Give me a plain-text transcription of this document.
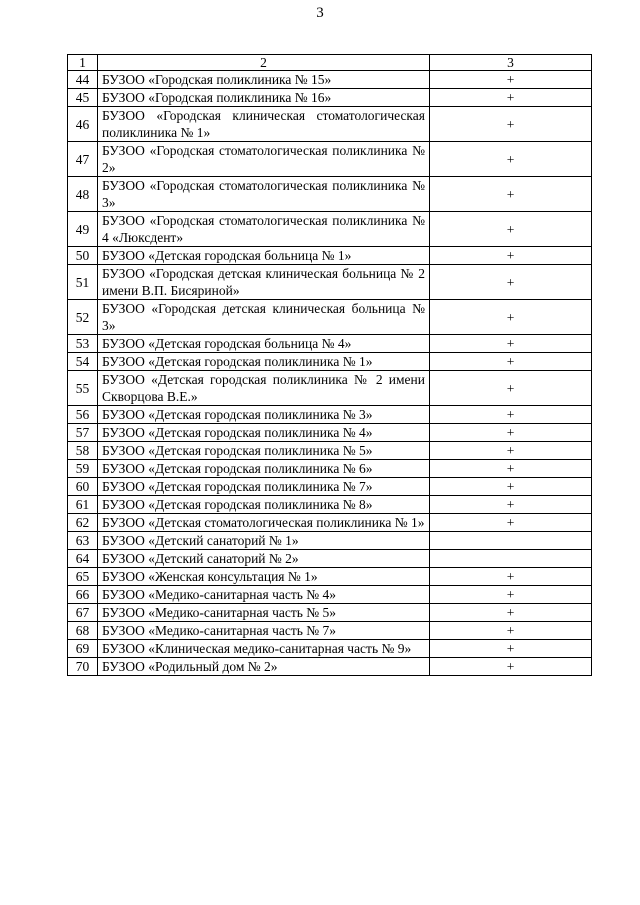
3
1	2	3
44	БУЗОО «Городская поликлиника № 15»	+
45	БУЗОО «Городская поликлиника № 16»	+
46	БУЗОО «Городская клиническая стоматологическая поликлиника № 1»	+
47	БУЗОО «Городская стоматологическая поликлиника № 2»	+
48	БУЗОО «Городская стоматологическая поликлиника № 3»	+
49	БУЗОО «Городская стоматологическая поликлиника № 4 «Люксдент»	+
50	БУЗОО «Детская городская больница № 1»	+
51	БУЗОО «Городская детская клиническая больница № 2 имени В.П. Бисяриной»	+
52	БУЗОО «Городская детская клиническая больница № 3»	+
53	БУЗОО «Детская городская больница № 4»	+
54	БУЗОО «Детская городская поликлиника № 1»	+
55	БУЗОО «Детская городская поликлиника № 2 имени Скворцова В.Е.»	+
56	БУЗОО «Детская городская поликлиника № 3»	+
57	БУЗОО «Детская городская поликлиника № 4»	+
58	БУЗОО «Детская городская поликлиника № 5»	+
59	БУЗОО «Детская городская поликлиника № 6»	+
60	БУЗОО «Детская городская поликлиника № 7»	+
61	БУЗОО «Детская городская поликлиника № 8»	+
62	БУЗОО «Детская стоматологическая поликлиника № 1»	+
63	БУЗОО «Детский санаторий № 1»	
64	БУЗОО «Детский санаторий № 2»	
65	БУЗОО «Женская консультация № 1»	+
66	БУЗОО «Медико-санитарная часть № 4»	+
67	БУЗОО «Медико-санитарная часть № 5»	+
68	БУЗОО «Медико-санитарная часть № 7»	+
69	БУЗОО «Клиническая медико-санитарная часть № 9»	+
70	БУЗОО «Родильный дом № 2»	+
